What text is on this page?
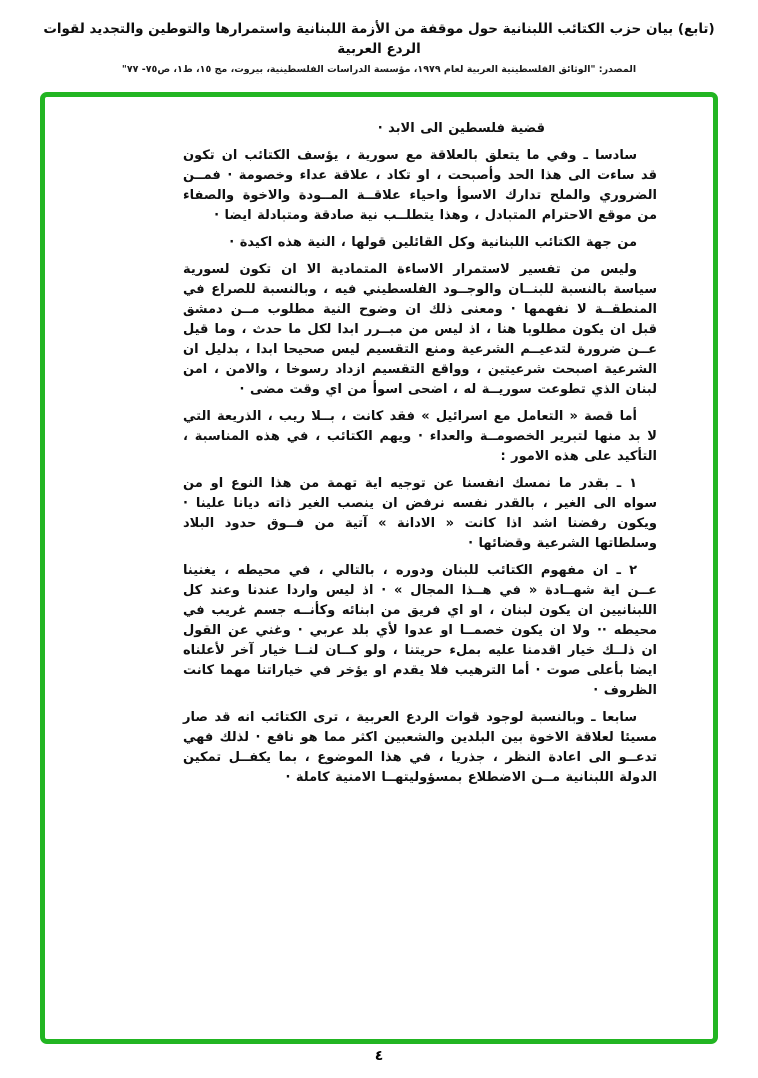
(تابع) بيان حزب الكتائب اللبنانية حول موقفة من الأزمة اللبنانية واستمرارها والتوطين والتجديد لقوات الردع العربية
المصدر: "الوثائق الفلسطينية العربية لعام ١٩٧٩، مؤسسة الدراسات الفلسطينية، بيروت، مج ١٥، ط١، ص٧٥- ٧٧"

قضية فلسطين الى الابد ·

سادسا ـ وفي ما يتعلق بالعلاقة مع سورية ، يؤسف الكتائب ان تكون قد ساءت الى هذا الحد وأصبحت ، او تكاد ، علاقة عداء وخصومة · فمــن الضروري والملح تدارك الاسوأ واحياء علاقــة المــودة والاخوة والصفاء من موقع الاحترام المتبادل ، وهذا يتطلــب نية صادقة ومتبادلة ايضا ·

من جهة الكتائب اللبنانية وكل القائلين قولها ، النية هذه اكيدة ·

وليس من تفسير لاستمرار الاساءة المتمادية الا ان تكون لسورية سياسة بالنسبة للبنــان والوجــود الفلسطيني فيه ، وبالنسبة للصراع في المنطقــة لا نفهمها · ومعنى ذلك ان وضوح النية مطلوب مــن دمشق قبل ان يكون مطلوبا هنا ، اذ ليس من مبــرر ابدا لكل ما حدث ، وما قيل عــن ضرورة لتدعيــم الشرعية ومنع التقسيم ليس صحيحا ابدا ، بدليل ان الشرعية اصبحت شرعيتين ، وواقع التقسيم ازداد رسوخا ، والامن ، امن لبنان الذي تطوعت سوريــة له ، اضحى اسوأ من اي وقت مضى ·

أما قصة « التعامل مع اسرائيل » فقد كانت ، بــلا ريب ، الذريعة التي لا بد منها لتبرير الخصومــة والعداء · ويهم الكتائب ، في هذه المناسبة ، التأكيد على هذه الامور :

١ ـ بقدر ما نمسك انفسنا عن توجيه اية تهمة من هذا النوع او من سواه الى الغير ، بالقدر نفسه نرفض ان ينصب الغير ذاته ديانا علينا · ويكون رفضنا اشد اذا كانت « الادانة » آتية من فــوق حدود البلاد وسلطاتها الشرعية وقضائها ·

٢ ـ ان مفهوم الكتائب للبنان ودوره ، بالتالي ، في محيطه ، يغنينا عــن اية شهــادة « في هــذا المجال » · اذ ليس واردا عندنا وعند كل اللبنانيين ان يكون لبنان ، او اي فريق من ابنائه وكأنــه جسم غريب في محيطه ·· ولا ان يكون خصمــا او عدوا لأي بلد عربي · وغني عن القول ان ذلــك خيار اقدمنا عليه بملء حريتنا ، ولو كــان لنــا خيار آخر لأعلناه ايضا بأعلى صوت · أما الترهيب فلا يقدم او يؤخر في خياراتنا مهما كانت الظروف ·

سابعا ـ وبالنسبة لوجود قوات الردع العربية ، ترى الكتائب انه قد صار مسيئا لعلاقة الاخوة بين البلدين والشعبين اكثر مما هو نافع · لذلك فهي تدعــو الى اعادة النظر ، جذريا ، في هذا الموضوع ، بما يكفــل تمكين الدولة اللبنانية مــن الاضطلاع بمسؤوليتهــا الامنية كاملة ·

٤
